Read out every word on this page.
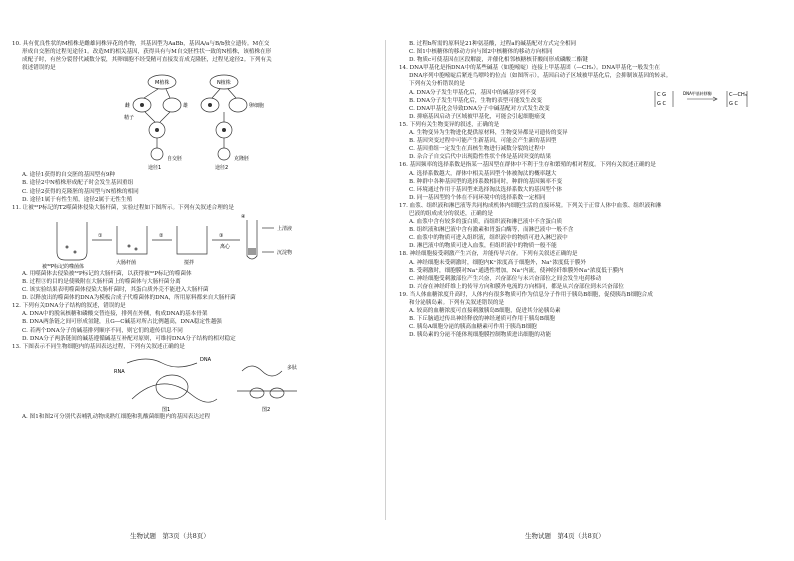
10. 具有优良性状的M植株是雌雄同株异花的作物，其基因型为AaBb，基因A/a与B/b独立遗传。M在交
形成自交胚的过程见途径1。改造M的相关基因，获得具有与M自交胚性状一致的N植株，该植株在形
成配子时，有丝分裂替代减数分裂，其卵细胞不经受精可直接发育成克隆胚，过程见途径2。下列有关
叙述错误的是
M植株	N植株
雌	雄	卵细胞
精子
自交胚	克隆胚
途径1	途径2
A. 途径1获得的自交胚的基因型有9种
B. 途径2中N植株形成配子时会发生基因重组
C. 途径2获得的克隆胚的基因型与N植株的相同
D. 途径1属于有性生殖，途径2属于无性生殖
11. 让被³²P标记的T2噬菌体侵染大肠杆菌，实验过程如下图所示。下列有关叙述合理的是
①	②	③
④
被³²P标记的噬菌体
大肠杆菌	搅拌
离心
上清液
沉淀物
A. 用噬菌体去侵染被³²P标记的大肠杆菌，以获得被³²P标记的噬菌体
B. 过程③的目的是使吸附在大肠杆菌上的噬菌体与大肠杆菌分离
C. 该实验结果表明噬菌体侵染大肠杆菌时，其蛋白质外壳不能进入大肠杆菌
D. 以释放出的噬菌体的DNA为模板合成子代噬菌体的DNA，所用原料都来自大肠杆菌
12. 下列有关DNA分子结构的叙述，错误的是
A. DNA中的脱氧核糖和磷酸交替连接，排列在外侧，构成DNA的基本骨架
B. DNA两条链之间可形成氢键，且G—C碱基对所占比例越高，DNA稳定性越强
C. 若两个DNA分子的碱基排列顺序不同，则它们的遗传信息不同
D. DNA分子两条链间的碱基遵循碱基互补配对原则，可维持DNA分子结构的相对稳定
13. 下图表示不同生物细胞内的基因表达过程，下列有关叙述正确的是
图1	图2
RNA
DNA
多肽
A. 图1和图2可分别代表哺乳动物成熟红细胞和乳酸菌细胞内的基因表达过程
生物试题　第3页（共8页）
B. 过程b所需的原料是21种氨基酸，过程a的碱基配对方式完全相同
C. 图1中核糖体的移动方向与图2中核糖体的移动方向相同
D. 物质c可使基因在区段解旋，并催化相邻核糖核苷酸间形成磷酸二酯键
14. DNA甲基化是指DNA中的某些碱基（如胞嘧啶）连接上甲基基团（—CH₃）。DNA甲基化一般发生在
DNA序列中胞嘧啶后紧连鸟嘌呤的位点（如图所示），基因启动子区域被甲基化后，会抑制该基因的转录。
下列有关分析错误的是
A. DNA分子发生甲基化后，基因中的碱基序列不变
B. DNA分子发生甲基化后，生物的表型可能发生改变
C. DNA甲基化会导致DNA分子中碱基配对方式发生改变
D. 抑癌基因启动子区域被甲基化，可能会引起细胞癌变
C G
G C
DNA甲基转移酶	C—CH₃
G C
15. 下列有关生物变异的叙述，正确的是
A. 生物变异为生物进化提供原材料，生物变异都是可遗传的变异
B. 基因突变过程中可能产生新基因，可能会产生新的基因型
C. 基因重组一定发生在真核生物进行减数分裂的过程中
D. 杂合子自交后代中出现隐性性状个体是基因突变的结果
16. 基因频率的选择系数是指某一基因型在群体中不利于生存和繁殖的相对程度。下列有关叙述正确的是
A. 选择系数越大，群体中相关基因型个体被淘汰的概率越大
B. 种群中各种基因型的选择系数相同时，种群的基因频率不变
C. 环境通过作用于基因型来选择淘汰选择系数大的基因型个体
D. 同一基因型的个体在不同环境中的选择系数一定相同
17. 血浆、组织液和淋巴液等共同构成机体内细胞生活的直接环境。下列关于正常人体中血浆、组织液和淋
巴液的组成成分的叙述，正确的是
A. 血浆中含有较多的蛋白质，而组织液和淋巴液中不含蛋白质
B. 组织液和淋巴液中含有激素和胃蛋白酶等，而淋巴液中一般不含
C. 血浆中的物质可进入组织液，组织液中的物质可进入淋巴液中
D. 淋巴液中的物质可进入血浆，但组织液中的物质一般不能
18. 神经细胞接受刺激产生兴奋，并能传导兴奋。下列有关叙述正确的是
A. 神经细胞未受刺激时，细胞内K⁺浓度高于细胞外，Na⁺浓度低于膜外
B. 受刺激时，细胞膜对Na⁺通透性增加，Na⁺内流，使神经纤维膜外Na⁺浓度低于膜内
C. 神经细胞受刺激部位产生兴奋，兴奋部位与未兴奋部位之间会发生电荷移动
D. 兴奋在神经纤维上的传导方向和膜外电流的方向相同，都是从兴奋部位到未兴奋部位
19. 当人体血糖浓度升高时，人体内有很多物质可作为信息分子作用于胰岛B细胞，促使胰岛B细胞合成
和分泌胰岛素。下列有关叙述错误的是
A. 较高的血糖浓度可直接刺激胰岛B细胞，促进其分泌胰岛素
B. 下丘脑通过传出神经释放的神经递质可作用于胰岛B细胞
C. 胰岛A细胞分泌的胰高血糖素可作用于胰岛B细胞
D. 胰岛素的分泌不能体现细胞膜控制物质进出细胞的功能
生物试题　第4页（共8页）
